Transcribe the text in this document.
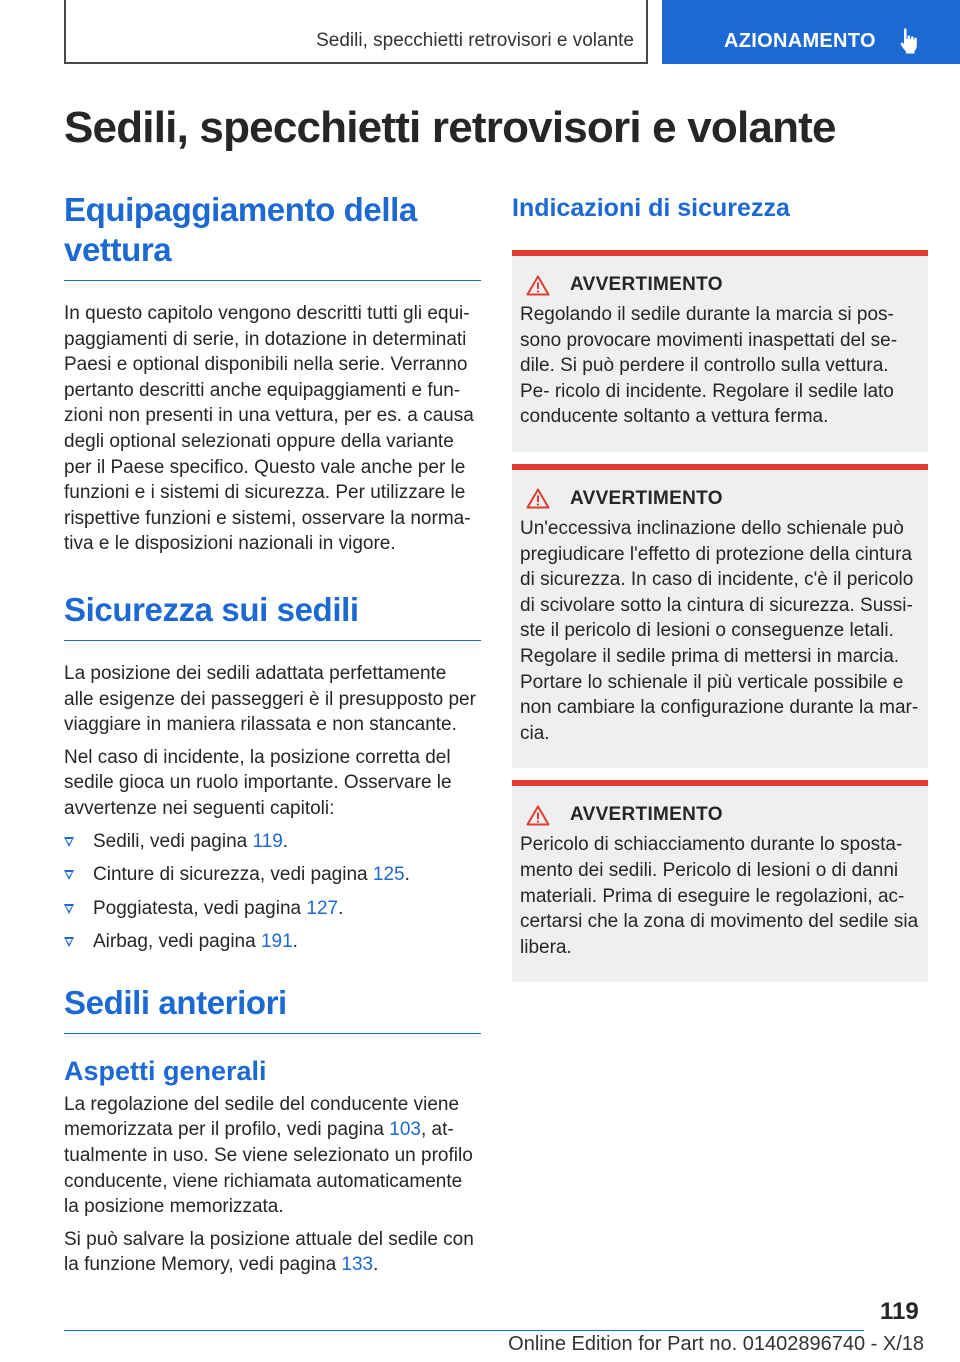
Sedili, specchietti retrovisori e volante	AZIONAMENTO
Sedili, specchietti retrovisori e volante
Equipaggiamento della vettura

In questo capitolo vengono descritti tutti gli equi- paggiamenti di serie, in dotazione in determinati Paesi e optional disponibili nella serie. Verranno pertanto descritti anche equipaggiamenti e fun- zioni non presenti in una vettura, per es. a causa degli optional selezionati oppure della variante per il Paese specifico. Questo vale anche per le funzioni e i sistemi di sicurezza. Per utilizzare le rispettive funzioni e sistemi, osservare la norma- tiva e le disposizioni nazionali in vigore.

Sicurezza sui sedili

La posizione dei sedili adattata perfettamente alle esigenze dei passeggeri è il presupposto per viaggiare in maniera rilassata e non stancante.

Nel caso di incidente, la posizione corretta del sedile gioca un ruolo importante. Osservare le avvertenze nei seguenti capitoli:

Sedili, vedi pagina 119.
Cinture di sicurezza, vedi pagina 125.
Poggiatesta, vedi pagina 127.
Airbag, vedi pagina 191.
Sedili anteriori
Aspetti generali

La regolazione del sedile del conducente viene memorizzata per il profilo, vedi pagina 103, at- tualmente in uso. Se viene selezionato un profilo conducente, viene richiamata automaticamente la posizione memorizzata.

Si può salvare la posizione attuale del sedile con la funzione Memory, vedi pagina 133.

Indicazioni di sicurezza
AVVERTIMENTO

Regolando il sedile durante la marcia si pos- sono provocare movimenti inaspettati del se- dile. Si può perdere il controllo sulla vettura. Pe- ricolo di incidente. Regolare il sedile lato conducente soltanto a vettura ferma.

AVVERTIMENTO

Un'eccessiva inclinazione dello schienale può pregiudicare l'effetto di protezione della cintura di sicurezza. In caso di incidente, c'è il pericolo di scivolare sotto la cintura di sicurezza. Sussi- ste il pericolo di lesioni o conseguenze letali. Regolare il sedile prima di mettersi in marcia. Portare lo schienale il più verticale possibile e non cambiare la configurazione durante la mar- cia.

AVVERTIMENTO

Pericolo di schiacciamento durante lo sposta- mento dei sedili. Pericolo di lesioni o di danni materiali. Prima di eseguire le regolazioni, ac- certarsi che la zona di movimento del sedile sia libera.

119
Online Edition for Part no. 01402896740 - X/18
